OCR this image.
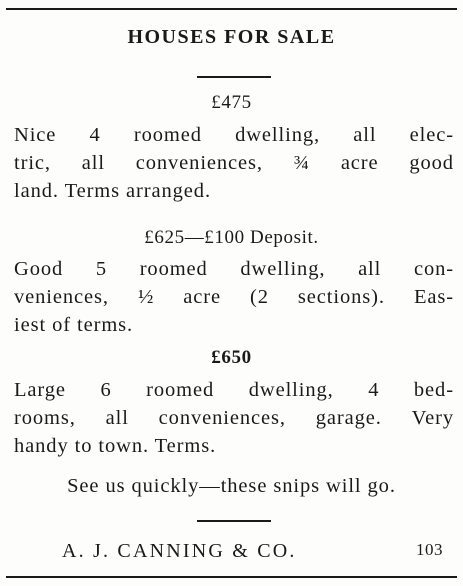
HOUSES FOR SALE
£475
Nice 4 roomed dwelling, all elec-
tric, all conveniences, ¾ acre good
land. Terms arranged.
£625—£100 Deposit.
Good 5 roomed dwelling, all con-
veniences, ½ acre (2 sections). Eas-
iest of terms.
£650
Large 6 roomed dwelling, 4 bed-
rooms, all conveniences, garage. Very
handy to town. Terms.
See us quickly—these snips will go.
A. J. CANNING & CO.	103
